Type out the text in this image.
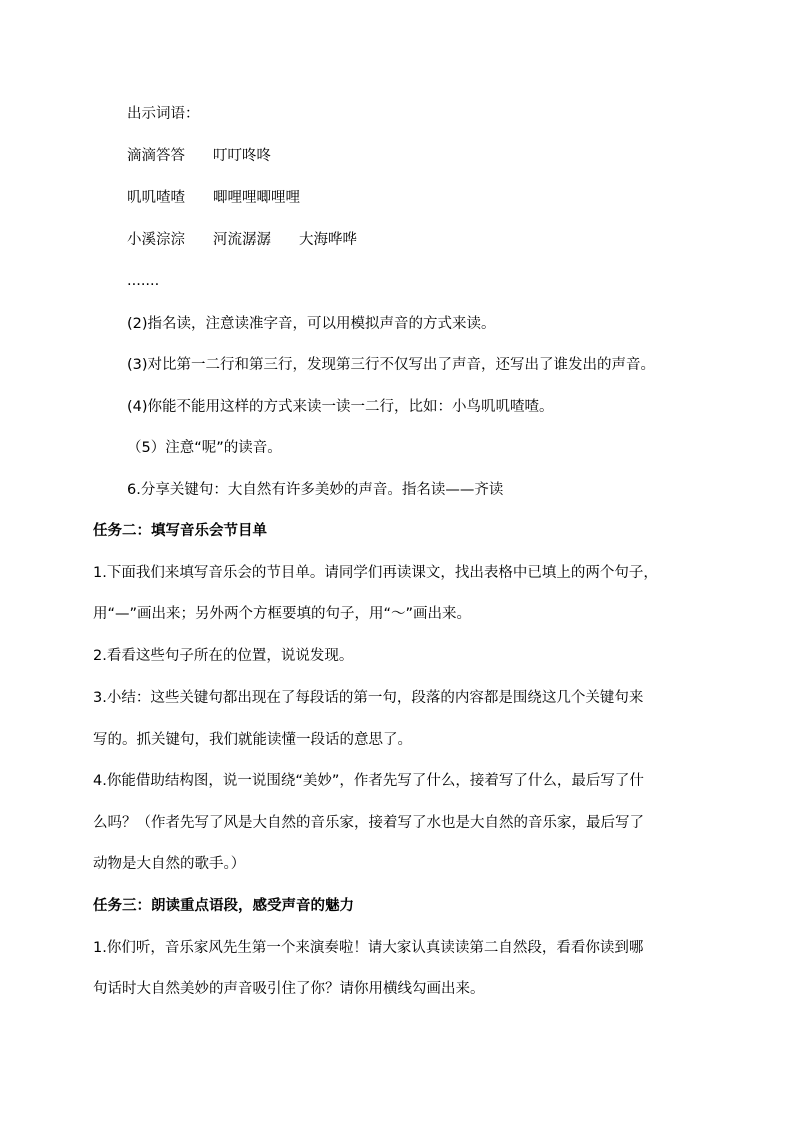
出示词语：
滴滴答答 叮叮咚咚
叽叽喳喳 唧哩哩唧哩哩
小溪淙淙 河流潺潺 大海哗哗
.......
(2)指名读，注意读准字音，可以用模拟声音的方式来读。
(3)对比第一二行和第三行，发现第三行不仅写出了声音，还写出了谁发出的声音。
(4)你能不能用这样的方式来读一读一二行，比如：小鸟叽叽喳喳。
（5）注意“呢”的读音。
6.分享关键句：大自然有许多美妙的声音。指名读——齐读
任务二：填写音乐会节目单
1.下面我们来填写音乐会的节目单。请同学们再读课文，找出表格中已填上的两个句子，
用“—”画出来；另外两个方框要填的句子，用“～”画出来。
2.看看这些句子所在的位置，说说发现。
3.小结：这些关键句都出现在了每段话的第一句，段落的内容都是围绕这几个关键句来
写的。抓关键句，我们就能读懂一段话的意思了。
4.你能借助结构图，说一说围绕“美妙”，作者先写了什么，接着写了什么，最后写了什
么吗？（作者先写了风是大自然的音乐家，接着写了水也是大自然的音乐家，最后写了
动物是大自然的歌手。）
任务三：朗读重点语段，感受声音的魅力
1.你们听，音乐家风先生第一个来演奏啦！请大家认真读读第二自然段，看看你读到哪
句话时大自然美妙的声音吸引住了你？请你用横线勾画出来。
